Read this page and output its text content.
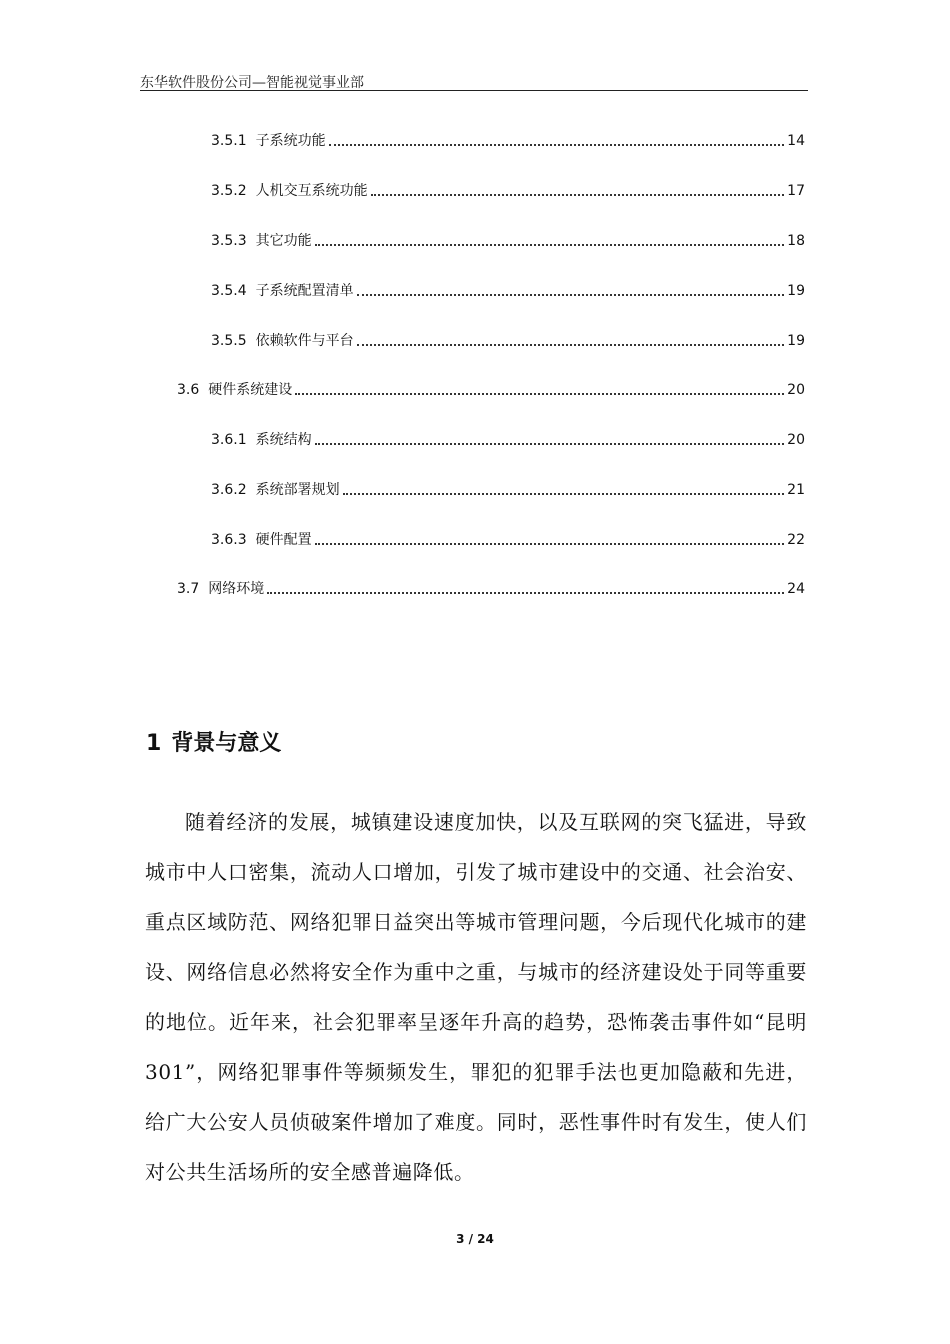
东华软件股份公司—智能视觉事业部
3.5.1 子系统功能	14
3.5.2 人机交互系统功能	17
3.5.3 其它功能	18
3.5.4 子系统配置清单	19
3.5.5 依赖软件与平台	19
3.6 硬件系统建设	20
3.6.1 系统结构	20
3.6.2 系统部署规划	21
3.6.3 硬件配置	22
3.7 网络环境	24
1 背景与意义
随着经济的发展，城镇建设速度加快，以及互联网的突飞猛进，导致城市中人口密集，流动人口增加，引发了城市建设中的交通、社会治安、重点区域防范、网络犯罪日益突出等城市管理问题，今后现代化城市的建设、网络信息必然将安全作为重中之重，与城市的经济建设处于同等重要的地位。近年来，社会犯罪率呈逐年升高的趋势，恐怖袭击事件如“昆明301”，网络犯罪事件等频频发生，罪犯的犯罪手法也更加隐蔽和先进，给广大公安人员侦破案件增加了难度。同时，恶性事件时有发生，使人们对公共生活场所的安全感普遍降低。
3 / 24
